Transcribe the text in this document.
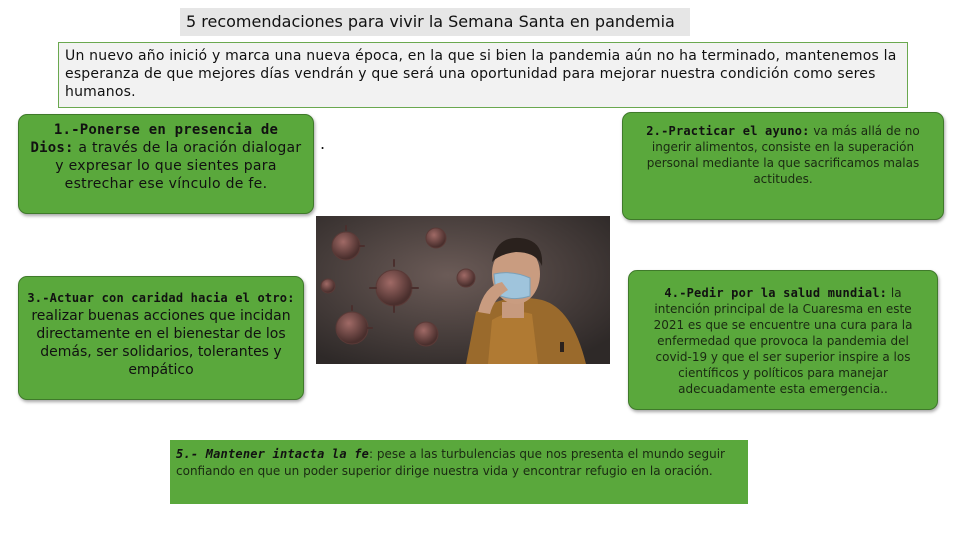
5 recomendaciones para vivir la Semana Santa en pandemia
Un nuevo año inició y marca una nueva época, en la que si bien la pandemia aún no ha terminado, mantenemos la esperanza de que mejores días vendrán y que será una oportunidad para mejorar nuestra condición como seres humanos.
1.-Ponerse en presencia de Dios: a través de la oración dialogar y expresar lo que sientes para estrechar ese vínculo de fe.
2.-Practicar el ayuno: va más allá de no ingerir alimentos, consiste en la superación personal mediante la que sacrificamos malas actitudes.
3.-Actuar con caridad hacia el otro: realizar buenas acciones que incidan directamente en el bienestar de los demás, ser solidarios, tolerantes y empático
4.-Pedir por la salud mundial: la intención principal de la Cuaresma en este 2021 es que se encuentre una cura para la enfermedad que provoca la pandemia del covid-19 y que el ser superior inspire a los científicos y políticos para manejar adecuadamente esta emergencia..
5.- Mantener intacta la fe: pese a las turbulencias que nos presenta el mundo seguir confiando en que un poder superior dirige nuestra vida y encontrar refugio en la oración.
.
